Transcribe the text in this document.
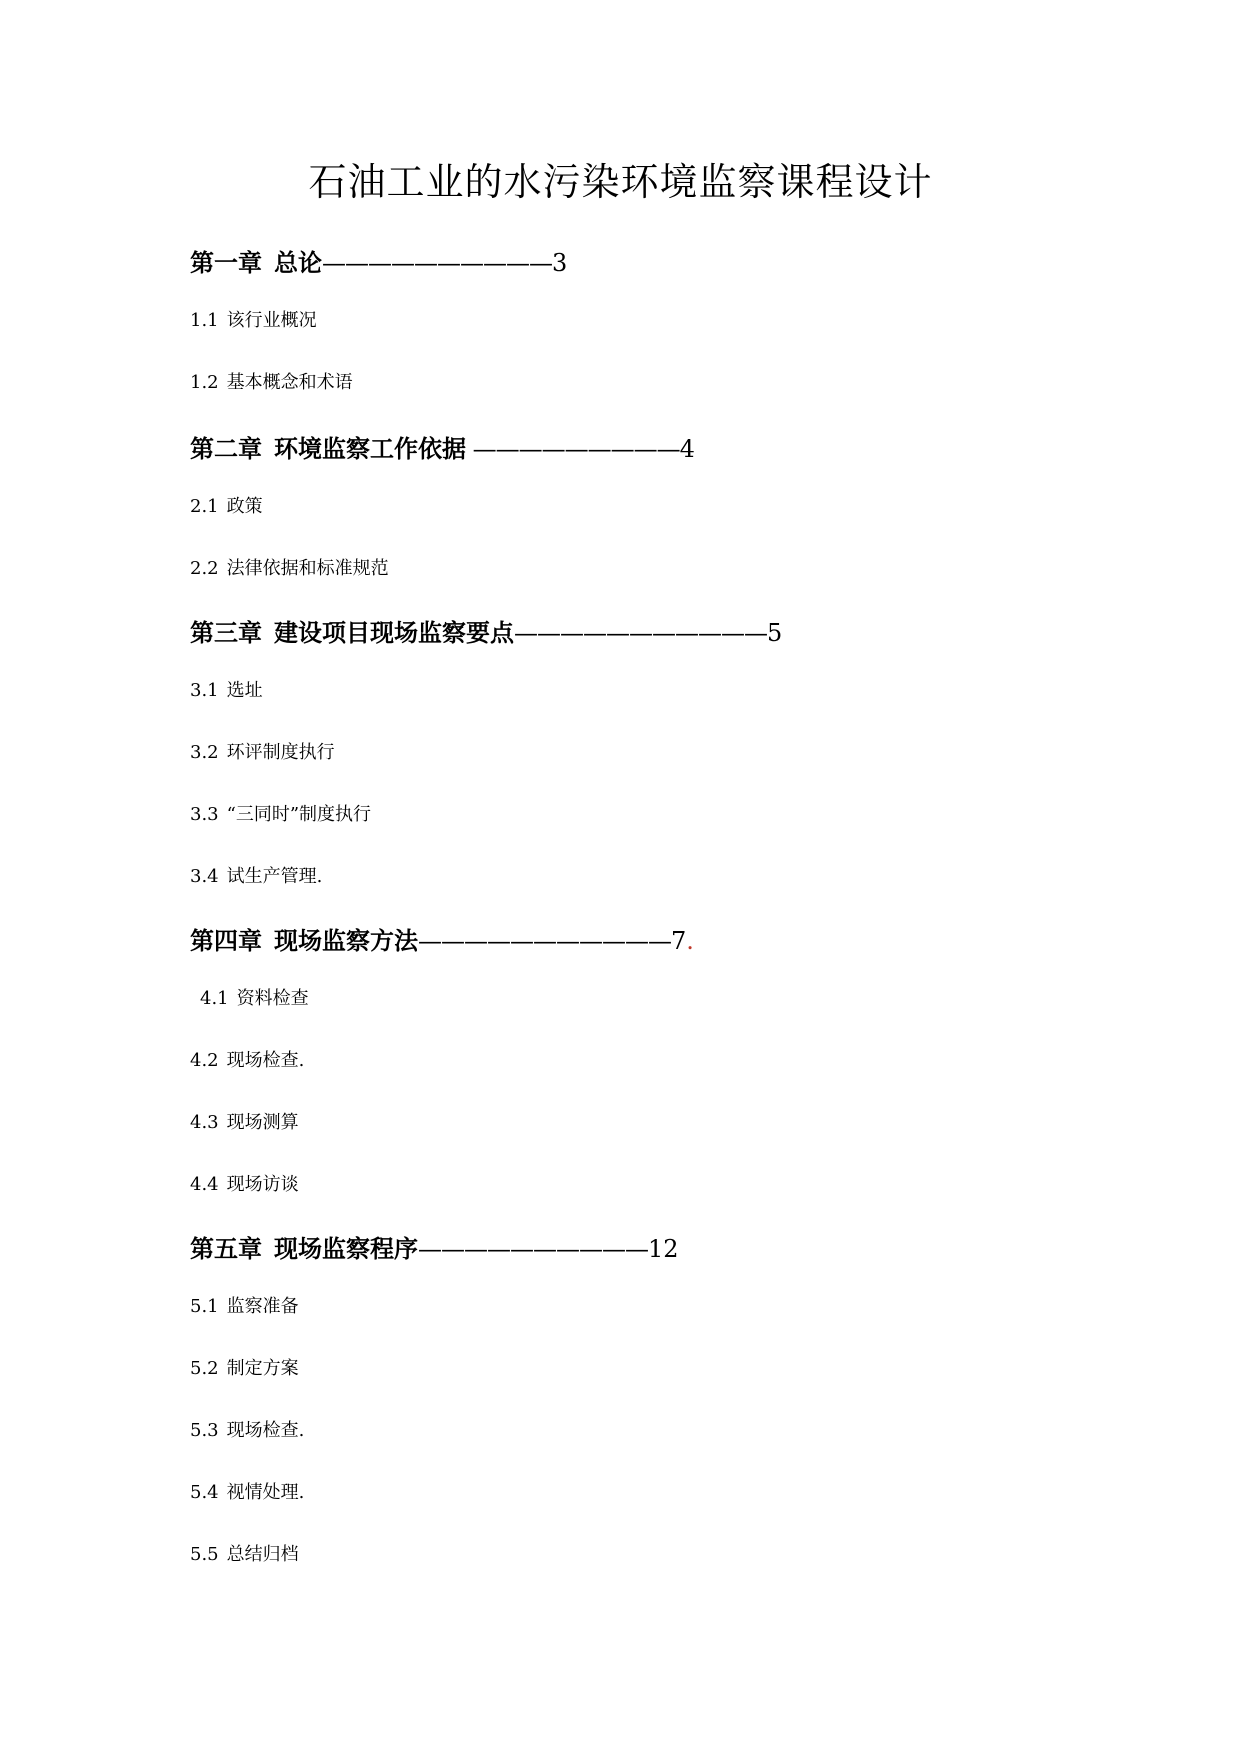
石油工业的水污染环境监察课程设计
第一章 总论——————————3
1.1 该行业概况
1.2 基本概念和术语
第二章 环境监察工作依据 —————————4
2.1 政策
2.2 法律依据和标准规范
第三章 建设项目现场监察要点———————————5
3.1 选址
3.2 环评制度执行
3.3 “三同时”制度执行
3.4 试生产管理.
第四章 现场监察方法———————————7.
4.1 资料检查
4.2 现场检查.
4.3 现场测算
4.4 现场访谈
第五章 现场监察程序——————————12
5.1 监察准备
5.2 制定方案
5.3 现场检查.
5.4 视情处理.
5.5 总结归档
